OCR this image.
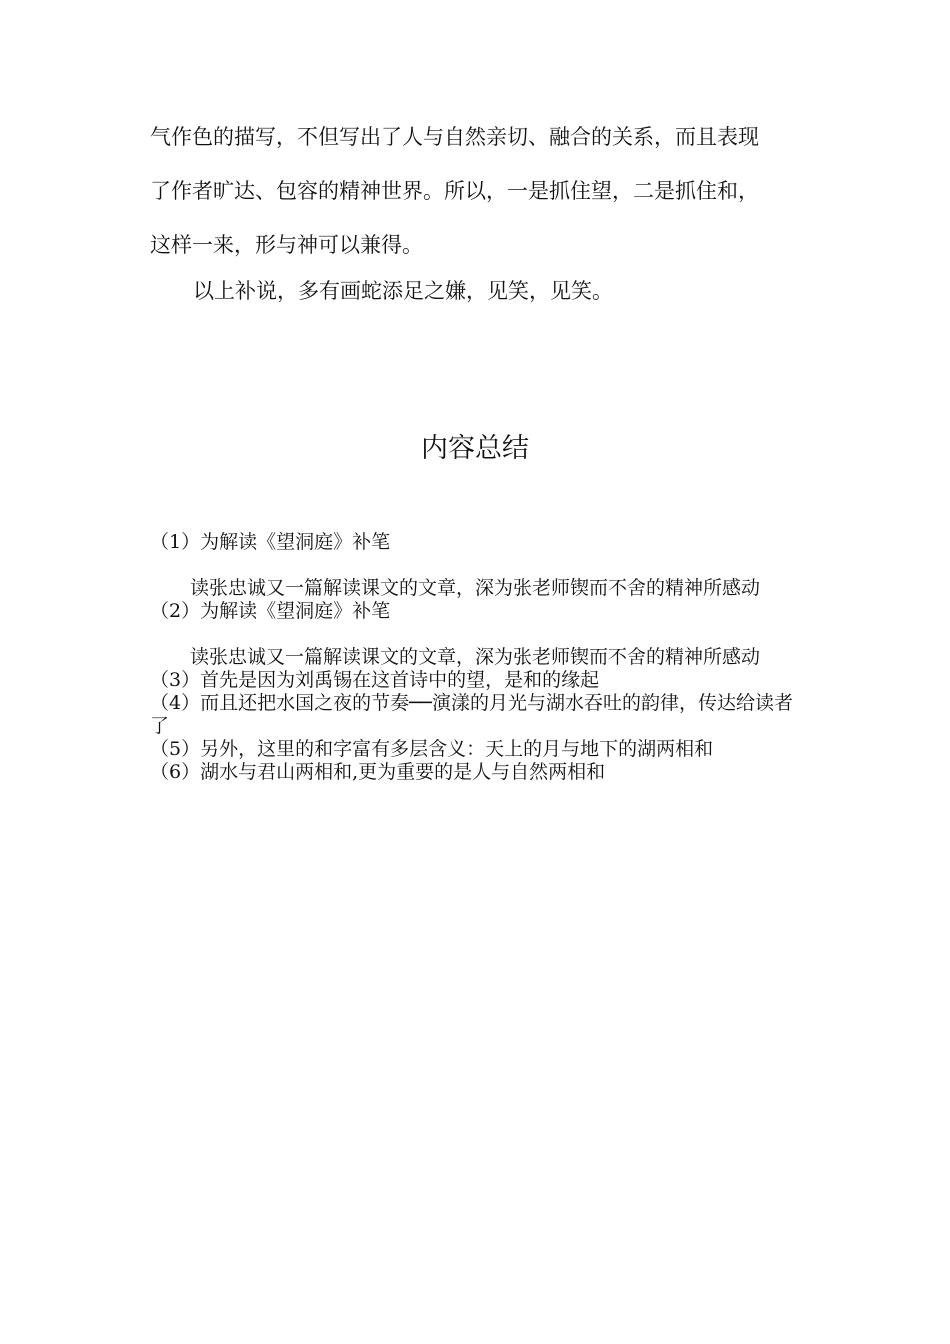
气作色的描写，不但写出了人与自然亲切、融合的关系，而且表现
了作者旷达、包容的精神世界。所以，一是抓住望，二是抓住和，
这样一来，形与神可以兼得。

以上补说，多有画蛇添足之嫌，见笑，见笑。

内容总结
（1）为解读《望洞庭》补笔
读张忠诚又一篇解读课文的文章，深为张老师锲而不舍的精神所感动
（2）为解读《望洞庭》补笔
读张忠诚又一篇解读课文的文章，深为张老师锲而不舍的精神所感动
（3）首先是因为刘禹锡在这首诗中的望，是和的缘起
（4）而且还把水国之夜的节奏──演漾的月光与湖水吞吐的韵律，传达给读者了
（5）另外，这里的和字富有多层含义：天上的月与地下的湖两相和
（6）湖水与君山两相和,更为重要的是人与自然两相和
